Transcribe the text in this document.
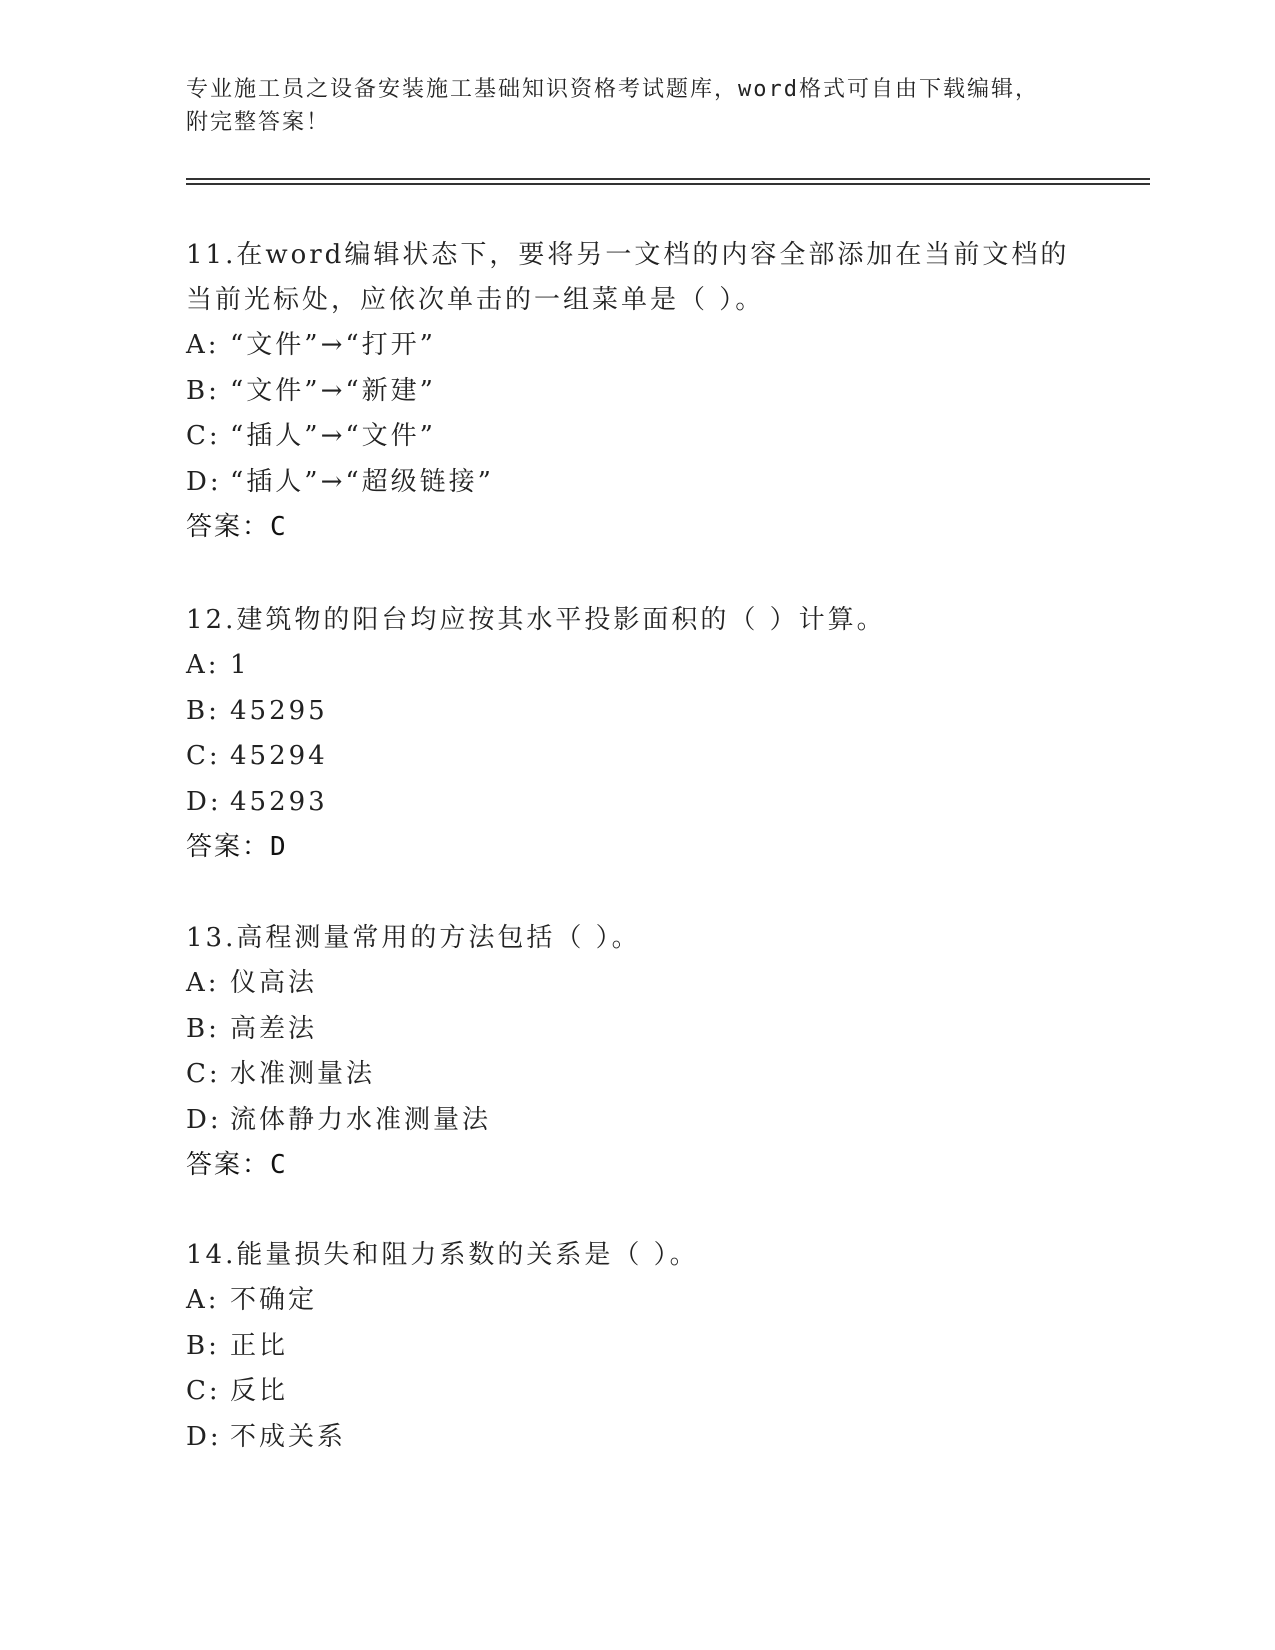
专业施工员之设备安装施工基础知识资格考试题库，word格式可自由下载编辑，
附完整答案！
11.在word编辑状态下，要将另一文档的内容全部添加在当前文档的
当前光标处，应依次单击的一组菜单是（ ）。
A: “文件”→“打开”
B: “文件”→“新建”
C: “插人”→“文件”
D: “插人”→“超级链接”
答案：C
12.建筑物的阳台均应按其水平投影面积的（ ）计算。
A: 1
B: 45295
C: 45294
D: 45293
答案：D
13.高程测量常用的方法包括（ ）。
A: 仪高法
B: 高差法
C: 水准测量法
D: 流体静力水准测量法
答案：C
14.能量损失和阻力系数的关系是（ ）。
A: 不确定
B: 正比
C: 反比
D: 不成关系
